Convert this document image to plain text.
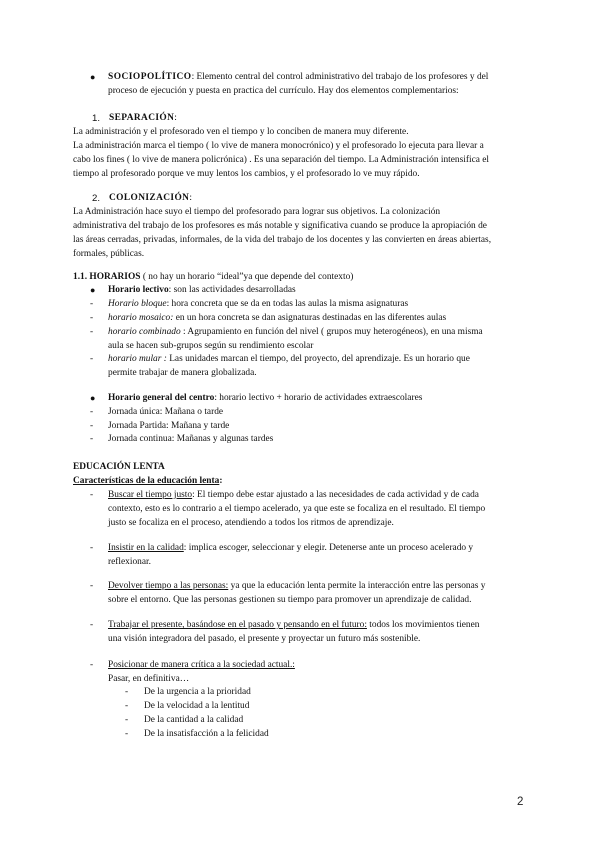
● SOCIOPOLÍTICO: Elemento central del control administrativo del trabajo de los profesores y del
proceso de ejecución y puesta en practica del currículo. Hay dos elementos complementarios:
1. SEPARACIÓN:
La administración y el profesorado ven el tiempo y lo conciben de manera muy diferente.
La administración marca el tiempo ( lo vive de manera monocrónico) y el profesorado lo ejecuta para llevar a
cabo los fines ( lo vive de manera policrónica) . Es una separación del tiempo. La Administración intensifica el
tiempo al profesorado porque ve muy lentos los cambios, y el profesorado lo ve muy rápido.
2. COLONIZACIÓN:
La Administración hace suyo el tiempo del profesorado para lograr sus objetivos. La colonización
administrativa del trabajo de los profesores es más notable y significativa cuando se produce la apropiación de
las áreas cerradas, privadas, informales, de la vida del trabajo de los docentes y las convierten en áreas abiertas,
formales, públicas.
1.1. HORARIOS ( no hay un horario “ideal”ya que depende del contexto)
● Horario lectivo: son las actividades desarrolladas
- Horario bloque: hora concreta que se da en todas las aulas la misma asignaturas
- horario mosaico: en un hora concreta se dan asignaturas destinadas en las diferentes aulas
- horario combinado : Agrupamiento en función del nivel ( grupos muy heterogéneos), en una misma
aula se hacen sub-grupos según su rendimiento escolar
- horario mular : Las unidades marcan el tiempo, del proyecto, del aprendizaje. Es un horario que
permite trabajar de manera globalizada.
● Horario general del centro: horario lectivo + horario de actividades extraescolares
- Jornada única: Mañana o tarde
- Jornada Partida: Mañana y tarde
- Jornada continua: Mañanas y algunas tardes
EDUCACIÓN LENTA
Características de la educación lenta:
- Buscar el tiempo justo: El tiempo debe estar ajustado a las necesidades de cada actividad y de cada
contexto, esto es lo contrario a el tiempo acelerado, ya que este se focaliza en el resultado. El tiempo
justo se focaliza en el proceso, atendiendo a todos los ritmos de aprendizaje.
- Insistir en la calidad: implica escoger, seleccionar y elegir. Detenerse ante un proceso acelerado y
reflexionar.
- Devolver tiempo a las personas: ya que la educación lenta permite la interacción entre las personas y
sobre el entorno. Que las personas gestionen su tiempo para promover un aprendizaje de calidad.
- Trabajar el presente, basándose en el pasado y pensando en el futuro: todos los movimientos tienen
una visión integradora del pasado, el presente y proyectar un futuro más sostenible.
- Posicionar de manera crítica a la sociedad actual.:
Pasar, en definitiva…
- De la urgencia a la prioridad
- De la velocidad a la lentitud
- De la cantidad a la calidad
- De la insatisfacción a la felicidad
2
